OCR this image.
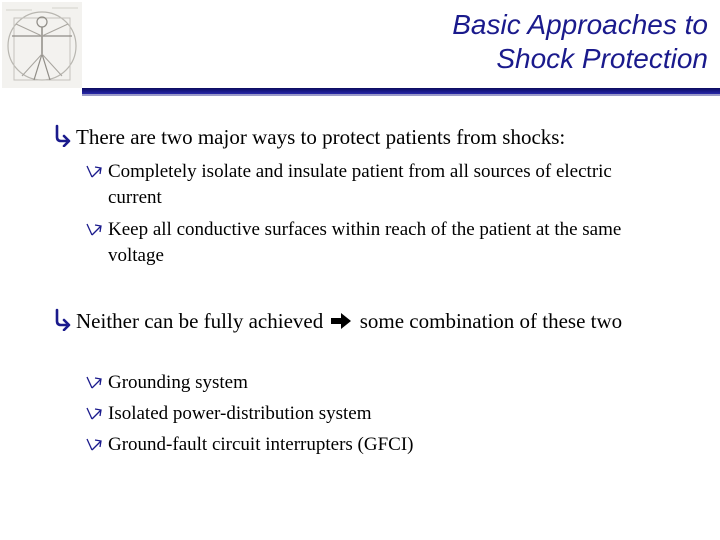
Basic Approaches to
Shock Protection
There are two major ways to protect patients from shocks:
Completely isolate and insulate patient from all sources of electric current
Keep all conductive surfaces within reach of the patient at the same voltage
Neither can be fully achieved some combination of these two
Grounding system
Isolated power-distribution system
Ground-fault circuit interrupters (GFCI)
